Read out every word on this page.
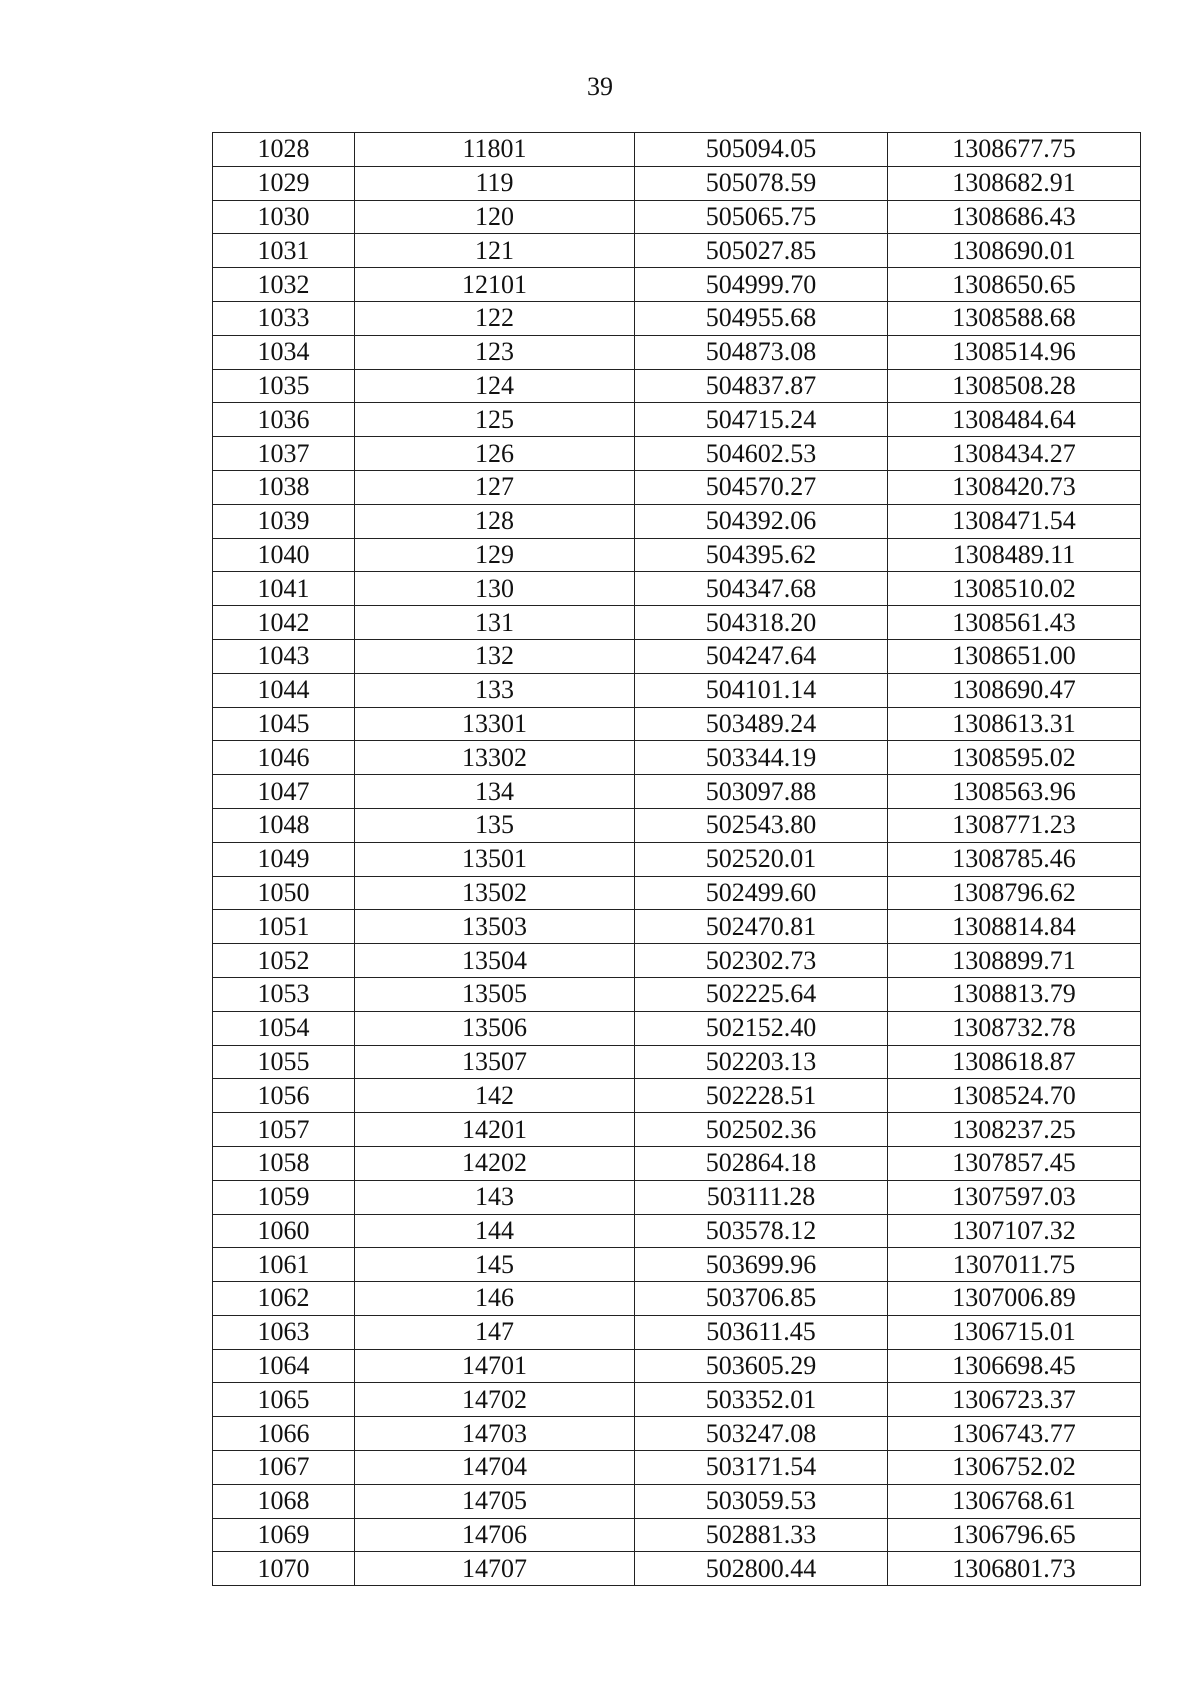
39
1028	11801	505094.05	1308677.75
1029	119	505078.59	1308682.91
1030	120	505065.75	1308686.43
1031	121	505027.85	1308690.01
1032	12101	504999.70	1308650.65
1033	122	504955.68	1308588.68
1034	123	504873.08	1308514.96
1035	124	504837.87	1308508.28
1036	125	504715.24	1308484.64
1037	126	504602.53	1308434.27
1038	127	504570.27	1308420.73
1039	128	504392.06	1308471.54
1040	129	504395.62	1308489.11
1041	130	504347.68	1308510.02
1042	131	504318.20	1308561.43
1043	132	504247.64	1308651.00
1044	133	504101.14	1308690.47
1045	13301	503489.24	1308613.31
1046	13302	503344.19	1308595.02
1047	134	503097.88	1308563.96
1048	135	502543.80	1308771.23
1049	13501	502520.01	1308785.46
1050	13502	502499.60	1308796.62
1051	13503	502470.81	1308814.84
1052	13504	502302.73	1308899.71
1053	13505	502225.64	1308813.79
1054	13506	502152.40	1308732.78
1055	13507	502203.13	1308618.87
1056	142	502228.51	1308524.70
1057	14201	502502.36	1308237.25
1058	14202	502864.18	1307857.45
1059	143	503111.28	1307597.03
1060	144	503578.12	1307107.32
1061	145	503699.96	1307011.75
1062	146	503706.85	1307006.89
1063	147	503611.45	1306715.01
1064	14701	503605.29	1306698.45
1065	14702	503352.01	1306723.37
1066	14703	503247.08	1306743.77
1067	14704	503171.54	1306752.02
1068	14705	503059.53	1306768.61
1069	14706	502881.33	1306796.65
1070	14707	502800.44	1306801.73
